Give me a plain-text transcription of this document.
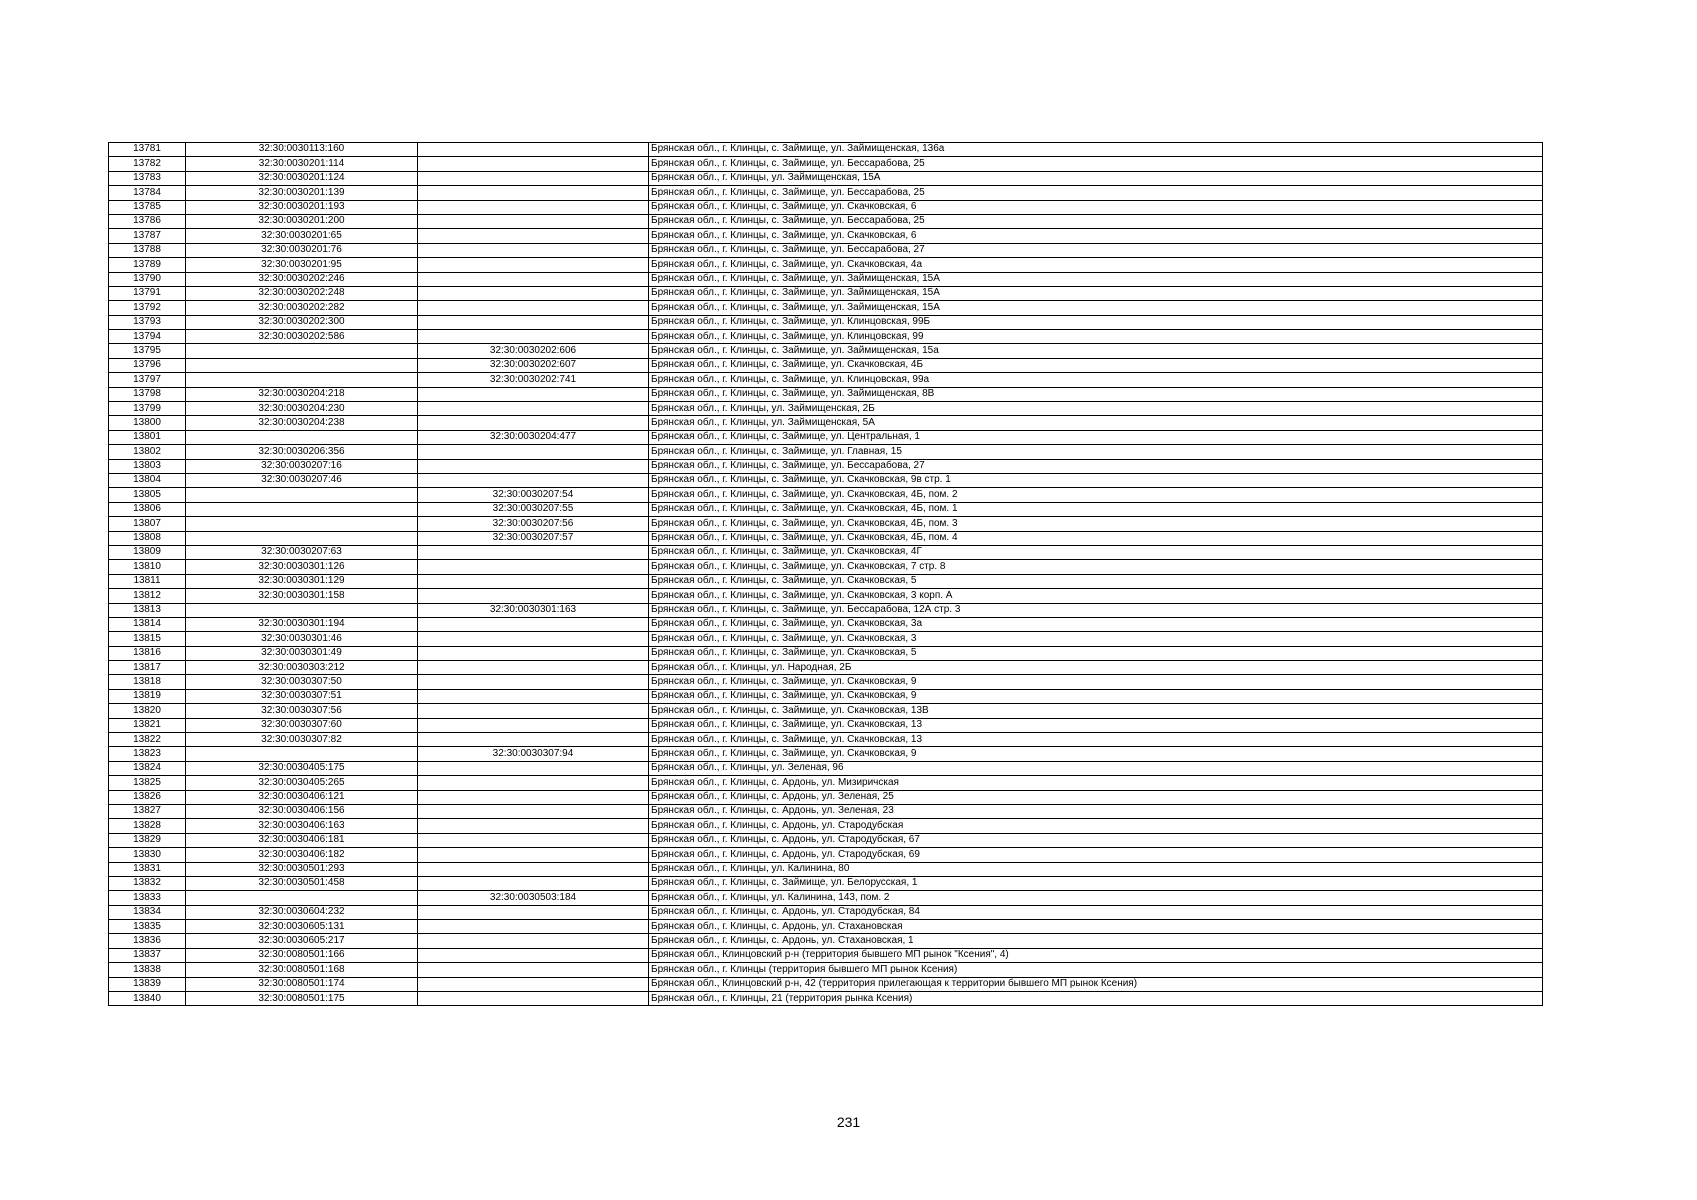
13781	32:30:0030113:160		Брянская обл., г. Клинцы, с. Займище, ул. Займищенская, 136а
13782	32:30:0030201:114		Брянская обл., г. Клинцы, с. Займище, ул. Бессарабова, 25
13783	32:30:0030201:124		Брянская обл., г. Клинцы, ул. Займищенская, 15А
13784	32:30:0030201:139		Брянская обл., г. Клинцы, с. Займище, ул. Бессарабова, 25
13785	32:30:0030201:193		Брянская обл., г. Клинцы, с. Займище, ул. Скачковская, 6
13786	32:30:0030201:200		Брянская обл., г. Клинцы, с. Займище, ул. Бессарабова, 25
13787	32:30:0030201:65		Брянская обл., г. Клинцы, с. Займище, ул. Скачковская, 6
13788	32:30:0030201:76		Брянская обл., г. Клинцы, с. Займище, ул. Бессарабова, 27
13789	32:30:0030201:95		Брянская обл., г. Клинцы, с. Займище, ул. Скачковская, 4а
13790	32:30:0030202:246		Брянская обл., г. Клинцы, с. Займище, ул. Займищенская, 15А
13791	32:30:0030202:248		Брянская обл., г. Клинцы, с. Займище, ул. Займищенская, 15А
13792	32:30:0030202:282		Брянская обл., г. Клинцы, с. Займище, ул. Займищенская, 15А
13793	32:30:0030202:300		Брянская обл., г. Клинцы, с. Займище, ул. Клинцовская, 99Б
13794	32:30:0030202:586		Брянская обл., г. Клинцы, с. Займище, ул. Клинцовская, 99
13795		32:30:0030202:606	Брянская обл., г. Клинцы, с. Займище, ул. Займищенская, 15а
13796		32:30:0030202:607	Брянская обл., г. Клинцы, с. Займище, ул. Скачковская, 4Б
13797		32:30:0030202:741	Брянская обл., г. Клинцы, с. Займище, ул. Клинцовская, 99а
13798	32:30:0030204:218		Брянская обл., г. Клинцы, с. Займище, ул. Займищенская, 8В
13799	32:30:0030204:230		Брянская обл., г. Клинцы, ул. Займищенская, 2Б
13800	32:30:0030204:238		Брянская обл., г. Клинцы, ул. Займищенская, 5А
13801		32:30:0030204:477	Брянская обл., г. Клинцы, с. Займище, ул. Центральная, 1
13802	32:30:0030206:356		Брянская обл., г. Клинцы, с. Займище, ул. Главная, 15
13803	32:30:0030207:16		Брянская обл., г. Клинцы, с. Займище, ул. Бессарабова, 27
13804	32:30:0030207:46		Брянская обл., г. Клинцы, с. Займище, ул. Скачковская, 9в стр. 1
13805		32:30:0030207:54	Брянская обл., г. Клинцы, с. Займище, ул. Скачковская, 4Б, пом. 2
13806		32:30:0030207:55	Брянская обл., г. Клинцы, с. Займище, ул. Скачковская, 4Б, пом. 1
13807		32:30:0030207:56	Брянская обл., г. Клинцы, с. Займище, ул. Скачковская, 4Б, пом. 3
13808		32:30:0030207:57	Брянская обл., г. Клинцы, с. Займище, ул. Скачковская, 4Б, пом. 4
13809	32:30:0030207:63		Брянская обл., г. Клинцы, с. Займище, ул. Скачковская, 4Г
13810	32:30:0030301:126		Брянская обл., г. Клинцы, с. Займище, ул. Скачковская, 7 стр. 8
13811	32:30:0030301:129		Брянская обл., г. Клинцы, с. Займище, ул. Скачковская, 5
13812	32:30:0030301:158		Брянская обл., г. Клинцы, с. Займище, ул. Скачковская, 3 корп. А
13813		32:30:0030301:163	Брянская обл., г. Клинцы, с. Займище, ул. Бессарабова, 12А стр. 3
13814	32:30:0030301:194		Брянская обл., г. Клинцы, с. Займище, ул. Скачковская, 3а
13815	32:30:0030301:46		Брянская обл., г. Клинцы, с. Займище, ул. Скачковская, 3
13816	32:30:0030301:49		Брянская обл., г. Клинцы, с. Займище, ул. Скачковская, 5
13817	32:30:0030303:212		Брянская обл., г. Клинцы, ул. Народная, 2Б
13818	32:30:0030307:50		Брянская обл., г. Клинцы, с. Займище, ул. Скачковская, 9
13819	32:30:0030307:51		Брянская обл., г. Клинцы, с. Займище, ул. Скачковская, 9
13820	32:30:0030307:56		Брянская обл., г. Клинцы, с. Займище, ул. Скачковская, 13В
13821	32:30:0030307:60		Брянская обл., г. Клинцы, с. Займище, ул. Скачковская, 13
13822	32:30:0030307:82		Брянская обл., г. Клинцы, с. Займище, ул. Скачковская, 13
13823		32:30:0030307:94	Брянская обл., г. Клинцы, с. Займище, ул. Скачковская, 9
13824	32:30:0030405:175		Брянская обл., г. Клинцы, ул. Зеленая, 96
13825	32:30:0030405:265		Брянская обл., г. Клинцы, с. Ардонь, ул. Мизиричская
13826	32:30:0030406:121		Брянская обл., г. Клинцы, с. Ардонь, ул. Зеленая, 25
13827	32:30:0030406:156		Брянская обл., г. Клинцы, с. Ардонь, ул. Зеленая, 23
13828	32:30:0030406:163		Брянская обл., г. Клинцы, с. Ардонь, ул. Стародубская
13829	32:30:0030406:181		Брянская обл., г. Клинцы, с. Ардонь, ул. Стародубская, 67
13830	32:30:0030406:182		Брянская обл., г. Клинцы, с. Ардонь, ул. Стародубская, 69
13831	32:30:0030501:293		Брянская обл., г. Клинцы, ул. Калинина, 80
13832	32:30:0030501:458		Брянская обл., г. Клинцы, с. Займище, ул. Белорусская, 1
13833		32:30:0030503:184	Брянская обл., г. Клинцы, ул. Калинина, 143, пом. 2
13834	32:30:0030604:232		Брянская обл., г. Клинцы, с. Ардонь, ул. Стародубская, 84
13835	32:30:0030605:131		Брянская обл., г. Клинцы, с. Ардонь, ул. Стахановская
13836	32:30:0030605:217		Брянская обл., г. Клинцы, с. Ардонь, ул. Стахановская, 1
13837	32:30:0080501:166		Брянская обл., Клинцовский р-н (территория бывшего МП рынок "Ксения", 4)
13838	32:30:0080501:168		Брянская обл., г. Клинцы (территория бывшего МП рынок Ксения)
13839	32:30:0080501:174		Брянская обл., Клинцовский р-н, 42 (территория прилегающая к территории бывшего МП рынок Ксения)
13840	32:30:0080501:175		Брянская обл., г. Клинцы, 21 (территория рынка Ксения)
231
